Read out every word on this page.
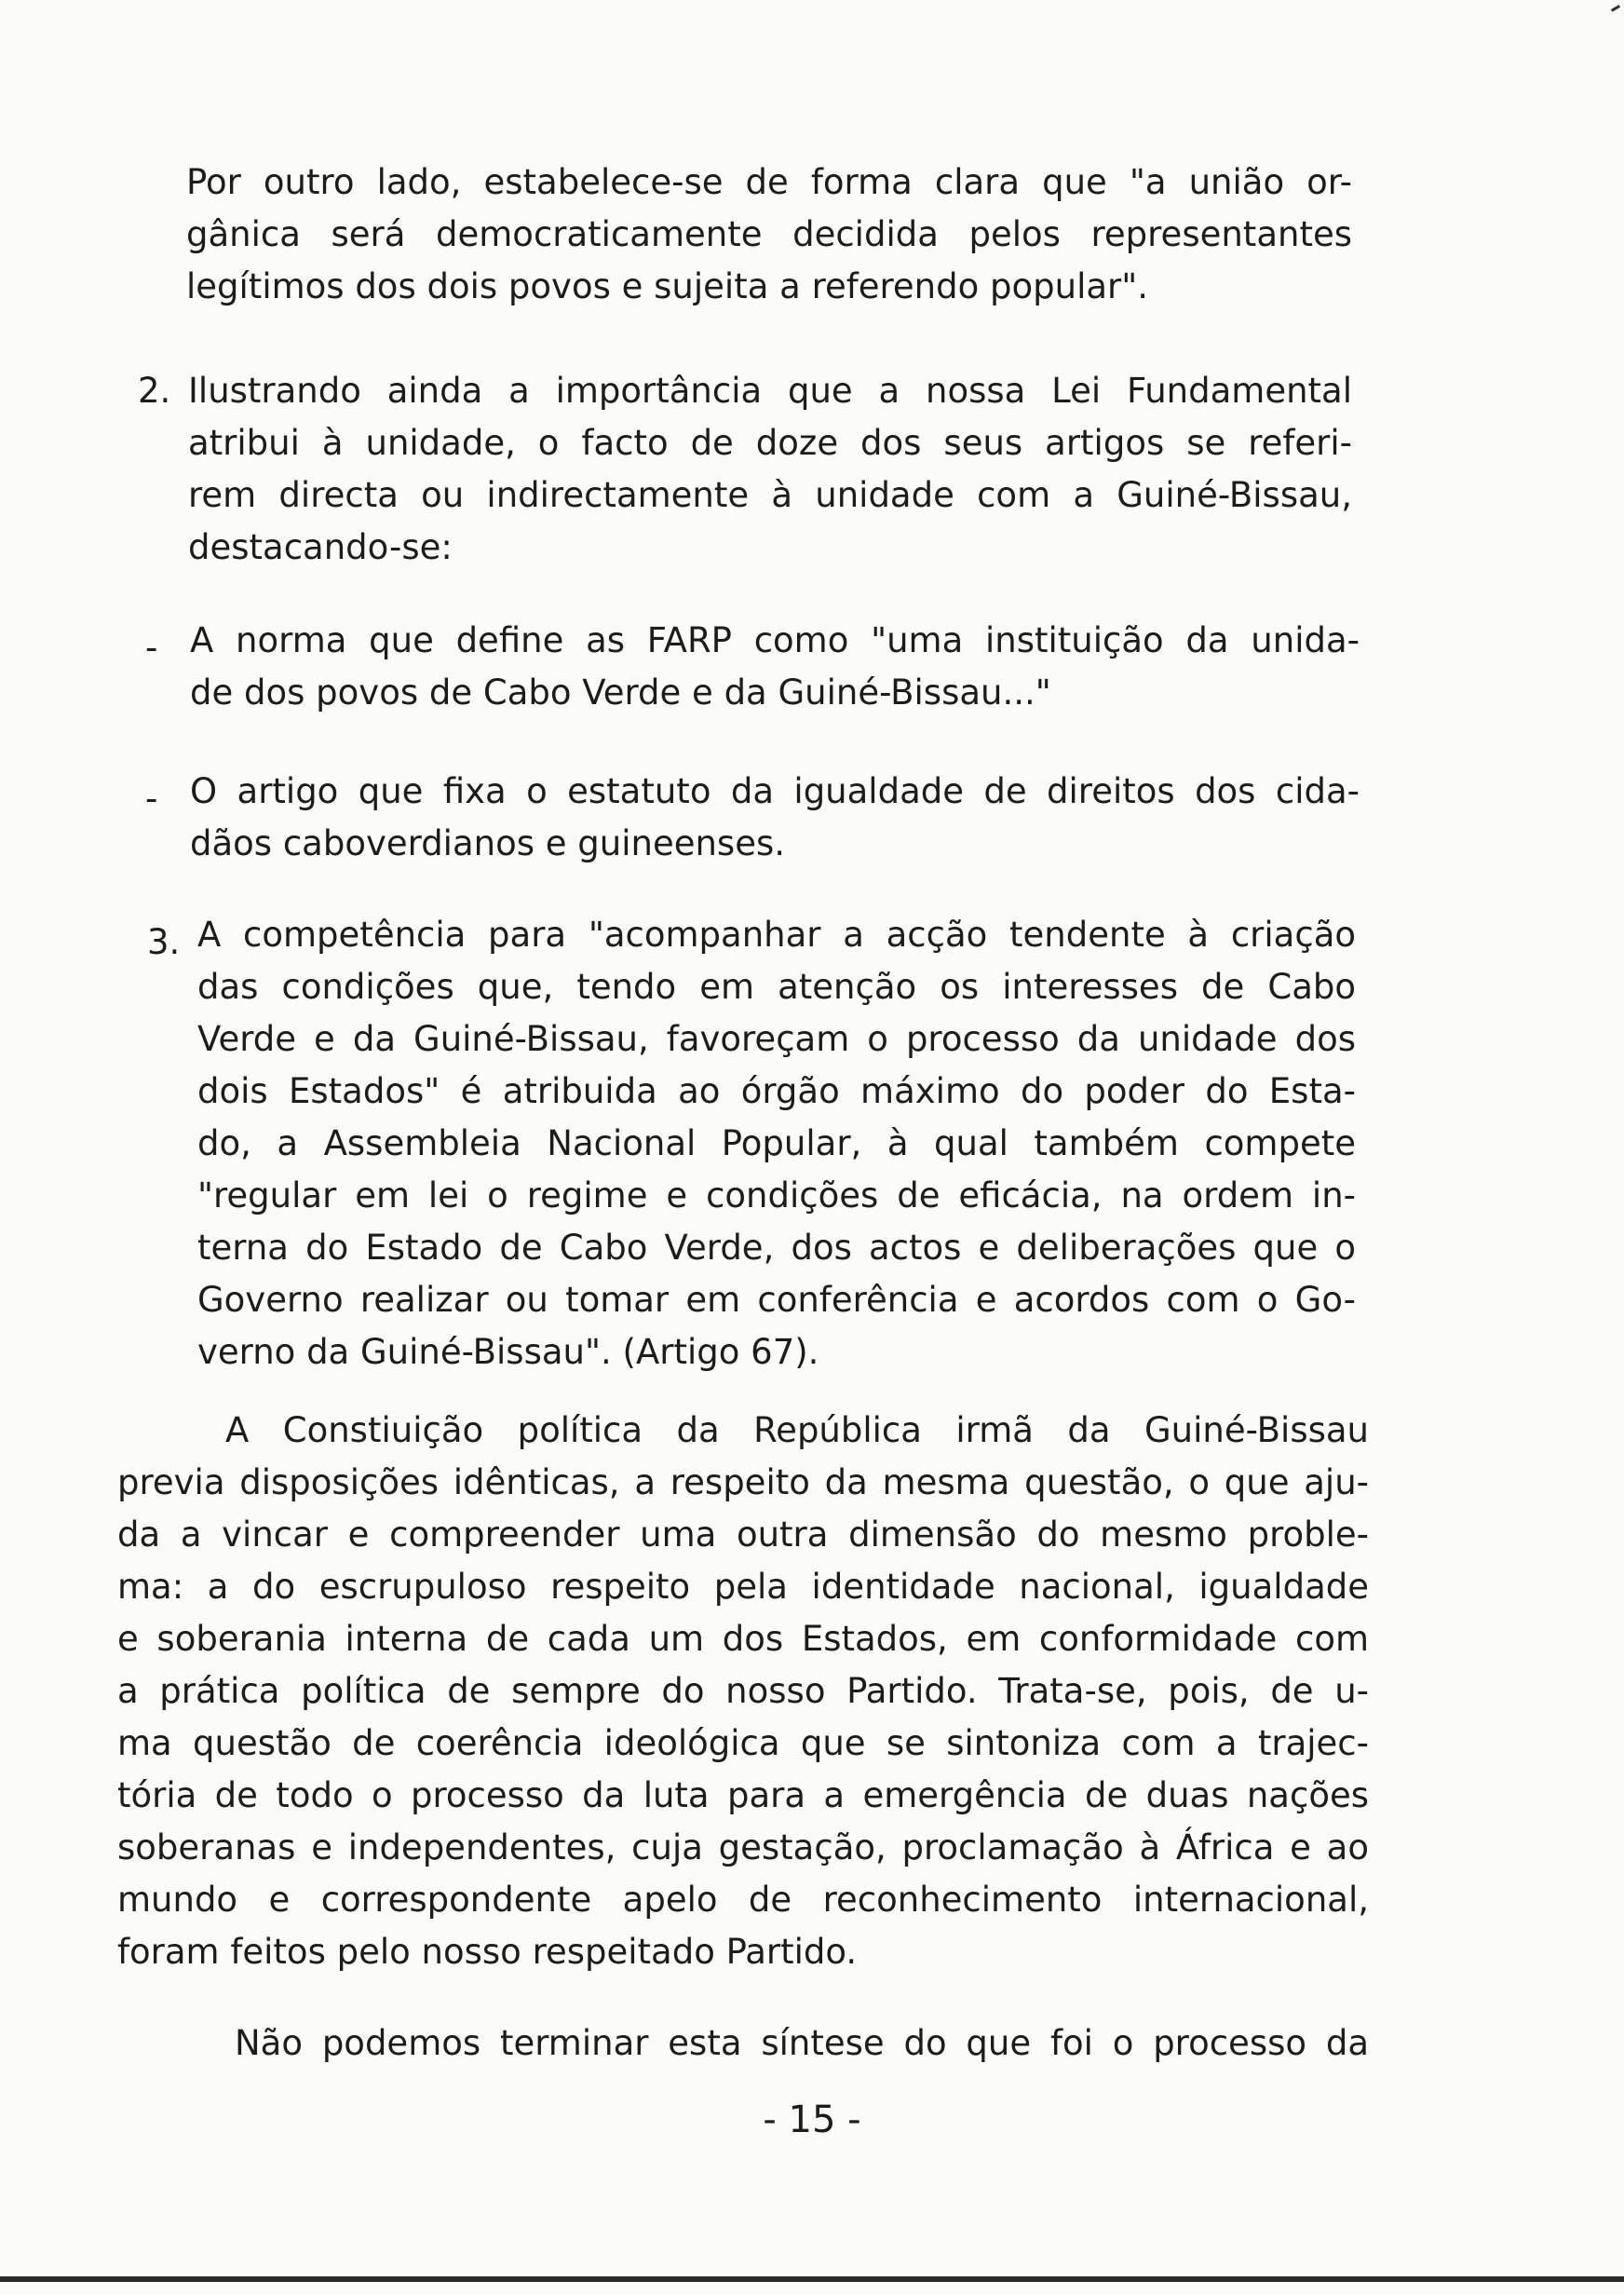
Por outro lado, estabelece-se de forma clara que "a união or-
gânica será democraticamente decidida pelos representantes
legítimos dos dois povos e sujeita a referendo popular".
2. Ilustrando ainda a importância que a nossa Lei Fundamental
atribui à unidade, o facto de doze dos seus artigos se referi-
rem directa ou indirectamente à unidade com a Guiné-Bissau,
destacando-se:
- A norma que define as FARP como "uma instituição da unida-
de dos povos de Cabo Verde e da Guiné-Bissau..."
- O artigo que fixa o estatuto da igualdade de direitos dos cida-
dãos caboverdianos e guineenses.
3. A competência para "acompanhar a acção tendente à criação
das condições que, tendo em atenção os interesses de Cabo
Verde e da Guiné-Bissau, favoreçam o processo da unidade dos
dois Estados" é atribuida ao órgão máximo do poder do Esta-
do, a Assembleia Nacional Popular, à qual também compete
"regular em lei o regime e condições de eficácia, na ordem in-
terna do Estado de Cabo Verde, dos actos e deliberações que o
Governo realizar ou tomar em conferência e acordos com o Go-
verno da Guiné-Bissau". (Artigo 67).
A Constiuição política da República irmã da Guiné-Bissau
previa disposições idênticas, a respeito da mesma questão, o que aju-
da a vincar e compreender uma outra dimensão do mesmo proble-
ma: a do escrupuloso respeito pela identidade nacional, igualdade
e soberania interna de cada um dos Estados, em conformidade com
a prática política de sempre do nosso Partido. Trata-se, pois, de u-
ma questão de coerência ideológica que se sintoniza com a trajec-
tória de todo o processo da luta para a emergência de duas nações
soberanas e independentes, cuja gestação, proclamação à África e ao
mundo e correspondente apelo de reconhecimento internacional,
foram feitos pelo nosso respeitado Partido.
Não podemos terminar esta síntese do que foi o processo da
- 15 -
